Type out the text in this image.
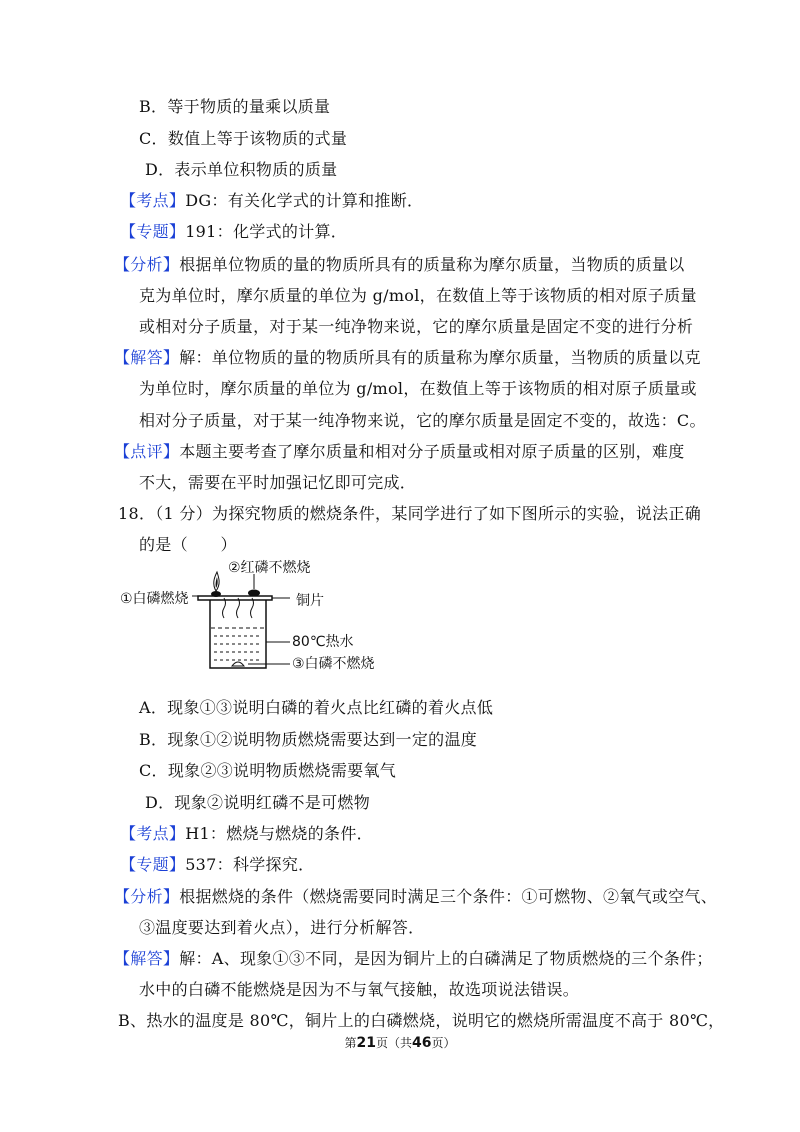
B．等于物质的量乘以质量
C．数值上等于该物质的式量
D．表示单位积物质的质量
【考点】DG：有关化学式的计算和推断．
【专题】191：化学式的计算．
【分析】根据单位物质的量的物质所具有的质量称为摩尔质量，当物质的质量以
克为单位时，摩尔质量的单位为 g/mol，在数值上等于该物质的相对原子质量
或相对分子质量，对于某一纯净物来说，它的摩尔质量是固定不变的进行分析
【解答】解：单位物质的量的物质所具有的质量称为摩尔质量，当物质的质量以克
为单位时，摩尔质量的单位为 g/mol，在数值上等于该物质的相对原子质量或
相对分子质量，对于某一纯净物来说，它的摩尔质量是固定不变的，故选：C。
【点评】本题主要考查了摩尔质量和相对分子质量或相对原子质量的区别，难度
不大，需要在平时加强记忆即可完成．
18．（1 分）为探究物质的燃烧条件，某同学进行了如下图所示的实验，说法正确
的是（　　）
②红磷不燃烧
①白磷燃烧	铜片
80℃热水
③白磷不燃烧
A．现象①③说明白磷的着火点比红磷的着火点低
B．现象①②说明物质燃烧需要达到一定的温度
C．现象②③说明物质燃烧需要氧气
D．现象②说明红磷不是可燃物
【考点】H1：燃烧与燃烧的条件．
【专题】537：科学探究．
【分析】根据燃烧的条件（燃烧需要同时满足三个条件：①可燃物、②氧气或空气、
③温度要达到着火点），进行分析解答．
【解答】解：A、现象①③不同，是因为铜片上的白磷满足了物质燃烧的三个条件；
水中的白磷不能燃烧是因为不与氧气接触，故选项说法错误。
B、热水的温度是 80℃，铜片上的白磷燃烧，说明它的燃烧所需温度不高于 80℃，
第21页（共46页）
